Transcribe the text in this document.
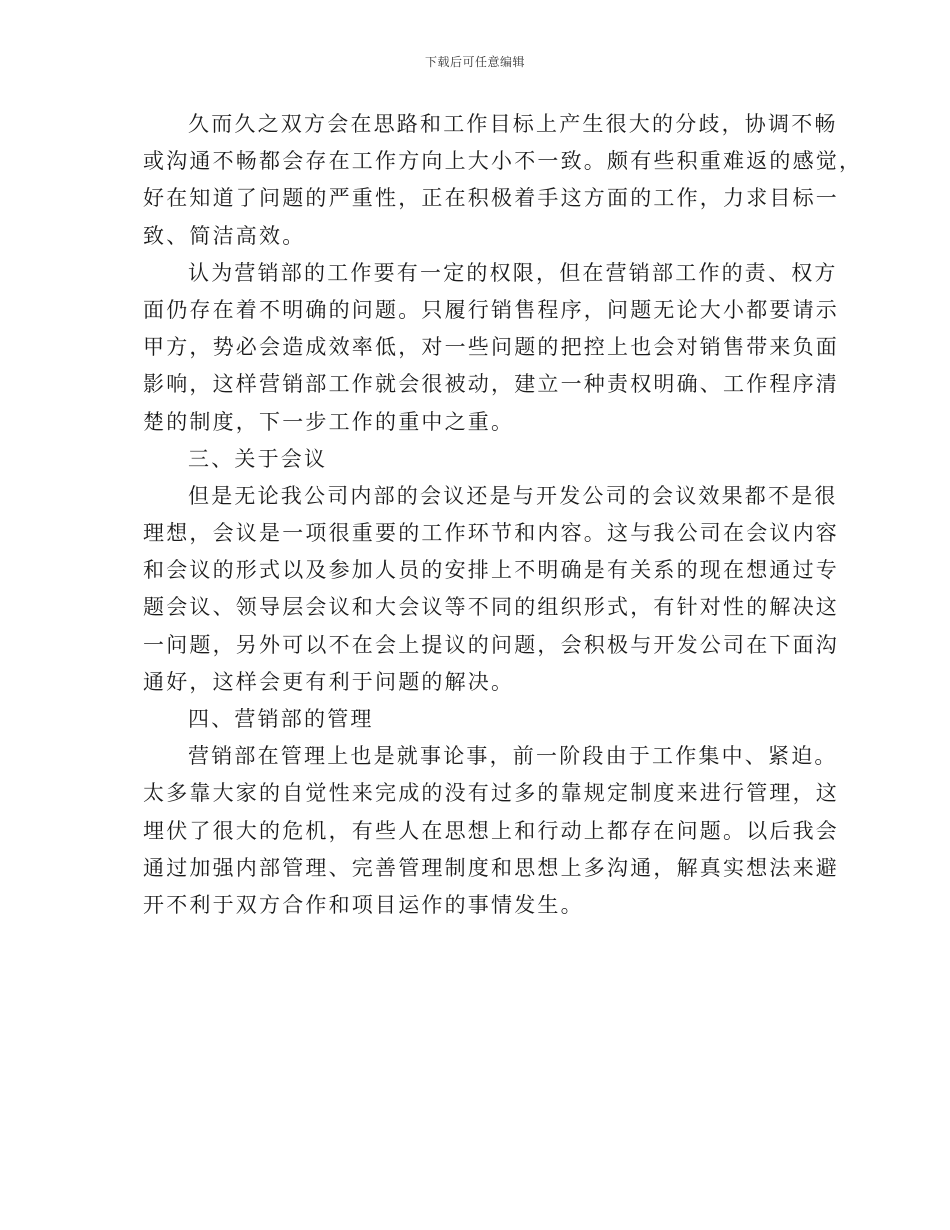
下载后可任意编辑
久而久之双方会在思路和工作目标上产生很大的分歧，协调不畅
或沟通不畅都会存在工作方向上大小不一致。颇有些积重难返的感觉，
好在知道了问题的严重性，正在积极着手这方面的工作，力求目标一
致、简洁高效。
认为营销部的工作要有一定的权限，但在营销部工作的责、权方
面仍存在着不明确的问题。只履行销售程序，问题无论大小都要请示
甲方，势必会造成效率低，对一些问题的把控上也会对销售带来负面
影响，这样营销部工作就会很被动，建立一种责权明确、工作程序清
楚的制度，下一步工作的重中之重。
三、关于会议
但是无论我公司内部的会议还是与开发公司的会议效果都不是很
理想，会议是一项很重要的工作环节和内容。这与我公司在会议内容
和会议的形式以及参加人员的安排上不明确是有关系的现在想通过专
题会议、领导层会议和大会议等不同的组织形式，有针对性的解决这
一问题，另外可以不在会上提议的问题，会积极与开发公司在下面沟
通好，这样会更有利于问题的解决。
四、营销部的管理
营销部在管理上也是就事论事，前一阶段由于工作集中、紧迫。
太多靠大家的自觉性来完成的没有过多的靠规定制度来进行管理，这
埋伏了很大的危机，有些人在思想上和行动上都存在问题。以后我会
通过加强内部管理、完善管理制度和思想上多沟通，解真实想法来避
开不利于双方合作和项目运作的事情发生。
